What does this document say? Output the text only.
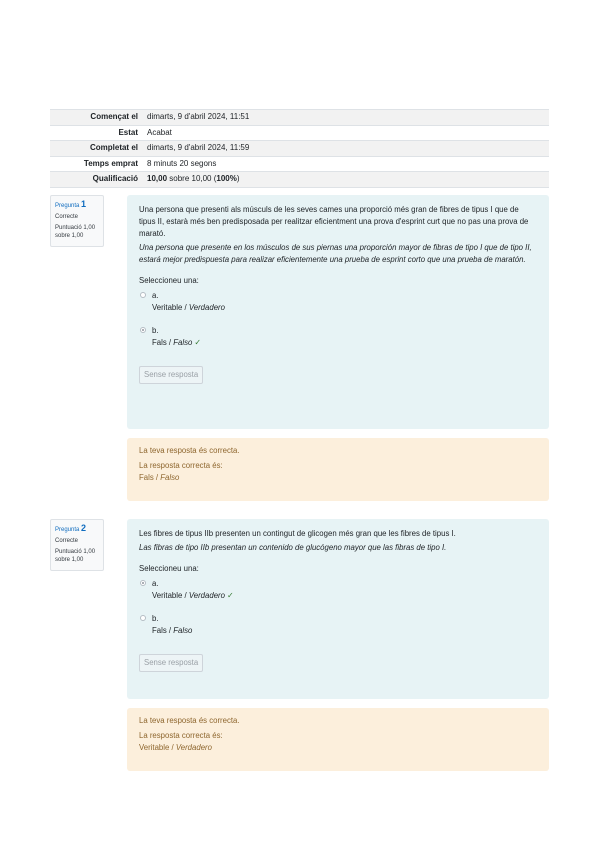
Començat el	dimarts, 9 d'abril 2024, 11:51
Estat	Acabat
Completat el	dimarts, 9 d'abril 2024, 11:59
Temps emprat	8 minuts 20 segons
Qualificació	10,00 sobre 10,00 (100%)
Pregunta 1
Correcte
Puntuació 1,00 sobre 1,00

Una persona que presenti als músculs de les seves cames una proporció més gran de fibres de tipus I que de tipus II, estarà més ben predisposada per realitzar eficientment una prova d'esprint curt que no pas una prova de marató.

Una persona que presente en los músculos de sus piernas una proporción mayor de fibras de tipo I que de tipo II, estará mejor predispuesta para realizar eficientemente una prueba de esprint corto que una prueba de maratón.

Seleccioneu una:

a.
Veritable / Verdadero
b.
Fals / Falso ✓
Sense resposta
La teva resposta és correcta.
La resposta correcta és:
Fals / Falso
Pregunta 2
Correcte
Puntuació 1,00 sobre 1,00

Les fibres de tipus IIb presenten un contingut de glicogen més gran que les fibres de tipus I.

Las fibras de tipo IIb presentan un contenido de glucógeno mayor que las fibras de tipo I.

Seleccioneu una:

a.
Veritable / Verdadero ✓
b.
Fals / Falso
Sense resposta
La teva resposta és correcta.
La resposta correcta és:
Veritable / Verdadero
